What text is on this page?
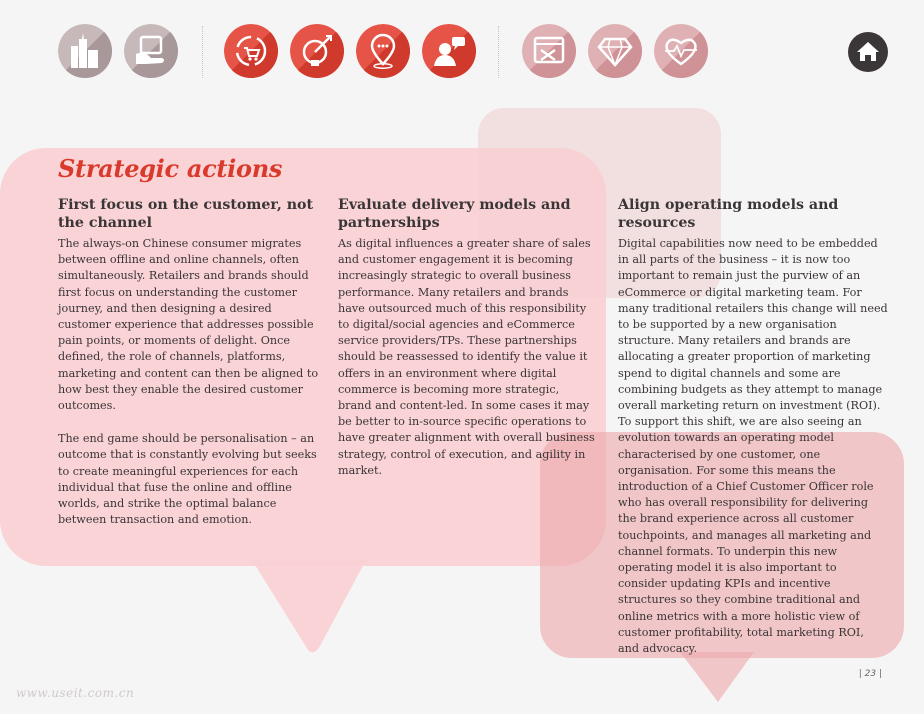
Strategic actions
First focus on the customer, not the channel

The always-on Chinese consumer migrates between offline and online channels, often simultaneously. Retailers and brands should first focus on understanding the customer journey, and then designing a desired customer experience that addresses possible pain points, or moments of delight. Once defined, the role of channels, platforms, marketing and content can then be aligned to how best they enable the desired customer outcomes.

The end game should be personalisation – an outcome that is constantly evolving but seeks to create meaningful experiences for each individual that fuse the online and offline worlds, and strike the optimal balance between transaction and emotion.

Evaluate delivery models and partnerships

As digital influences a greater share of sales and customer engagement it is becoming increasingly strategic to overall business performance. Many retailers and brands have outsourced much of this responsibility to digital/social agencies and eCommerce service providers/TPs. These partnerships should be reassessed to identify the value it offers in an environment where digital commerce is becoming more strategic, brand and content-led. In some cases it may be better to in-source specific operations to have greater alignment with overall business strategy, control of execution, and agility in market.

Align operating models and resources

Digital capabilities now need to be embedded in all parts of the business – it is now too important to remain just the purview of an eCommerce or digital marketing team. For many traditional retailers this change will need to be supported by a new organisation structure. Many retailers and brands are allocating a greater proportion of marketing spend to digital channels and some are combining budgets as they attempt to manage overall marketing return on investment (ROI). To support this shift, we are also seeing an evolution towards an operating model characterised by one customer, one organisation. For some this means the introduction of a Chief Customer Officer role who has overall responsibility for delivering the brand experience across all customer touchpoints, and manages all marketing and channel formats. To underpin this new operating model it is also important to consider updating KPIs and incentive structures so they combine traditional and online metrics with a more holistic view of customer profitability, total marketing ROI, and advocacy.

| 23 |
www.useit.com.cn
